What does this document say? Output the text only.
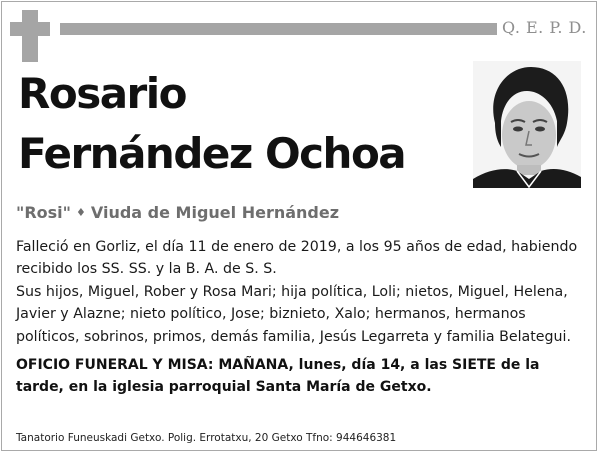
Q. E. P. D.
Rosario
Fernández Ochoa
"Rosi" ♦ Viuda de Miguel Hernández

Falleció en Gorliz, el día 11 de enero de 2019, a los 95 años de edad, habiendo recibido los SS. SS. y la B. A. de S. S.

Sus hijos, Miguel, Rober y Rosa Mari; hija política, Loli; nietos, Miguel, Helena, Javier y Alazne; nieto político, Jose; biznieto, Xalo; hermanos, hermanos políticos, sobrinos, primos, demás familia, Jesús Legarreta y familia Belategui.

OFICIO FUNERAL Y MISA: MAÑANA, lunes, día 14, a las SIETE de la tarde, en la iglesia parroquial Santa María de Getxo.

Tanatorio Funeuskadi Getxo. Polig. Errotatxu, 20 Getxo Tfno: 944646381
